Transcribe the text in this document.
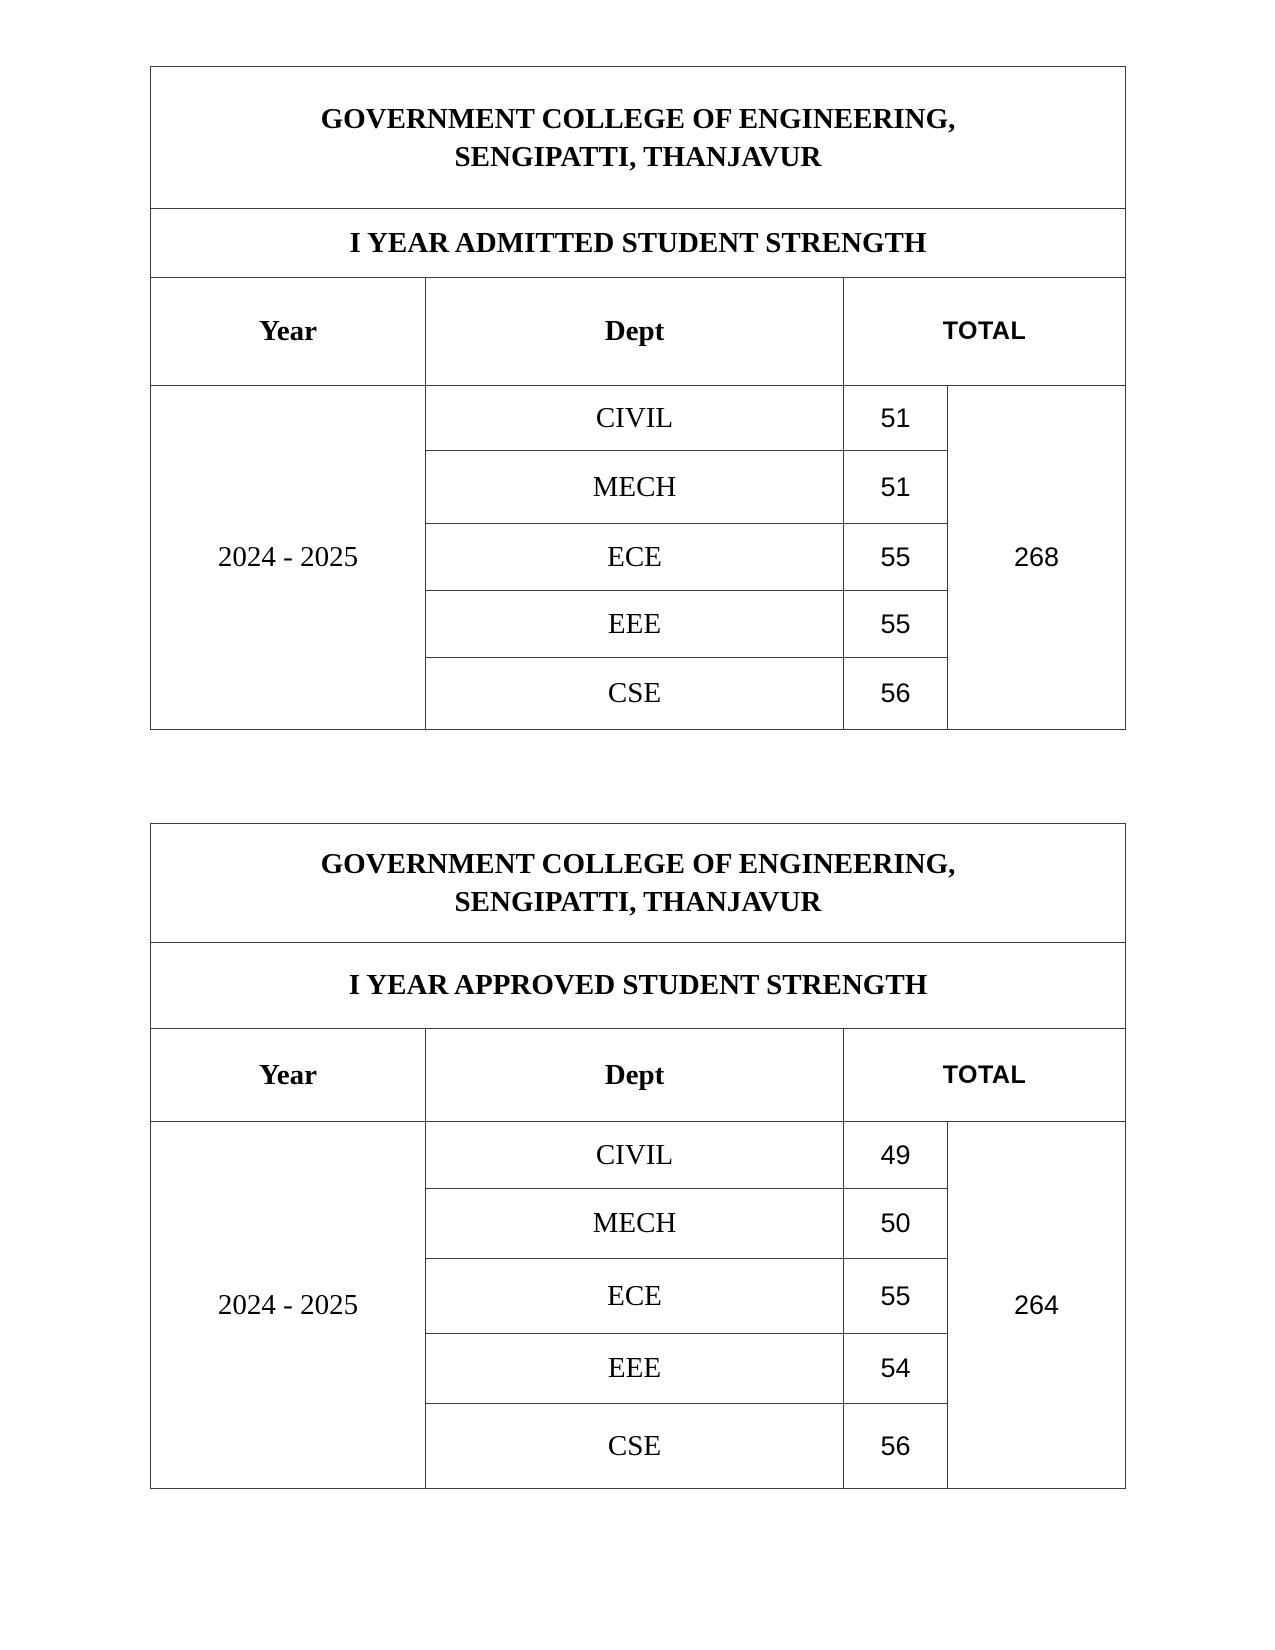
GOVERNMENT COLLEGE OF ENGINEERING,
SENGIPATTI, THANJAVUR			

I YEAR ADMITTED STUDENT STRENGTH			
Year	Dept	TOTAL	
2024 - 2025	CIVIL	51	268
	MECH	51	
	ECE	55	
	EEE	55	
	CSE	56	
GOVERNMENT COLLEGE OF ENGINEERING,
SENGIPATTI, THANJAVUR			

I YEAR APPROVED STUDENT STRENGTH			
Year	Dept	TOTAL	
2024 - 2025	CIVIL	49	264
	MECH	50	
	ECE	55	
	EEE	54	
	CSE	56	
